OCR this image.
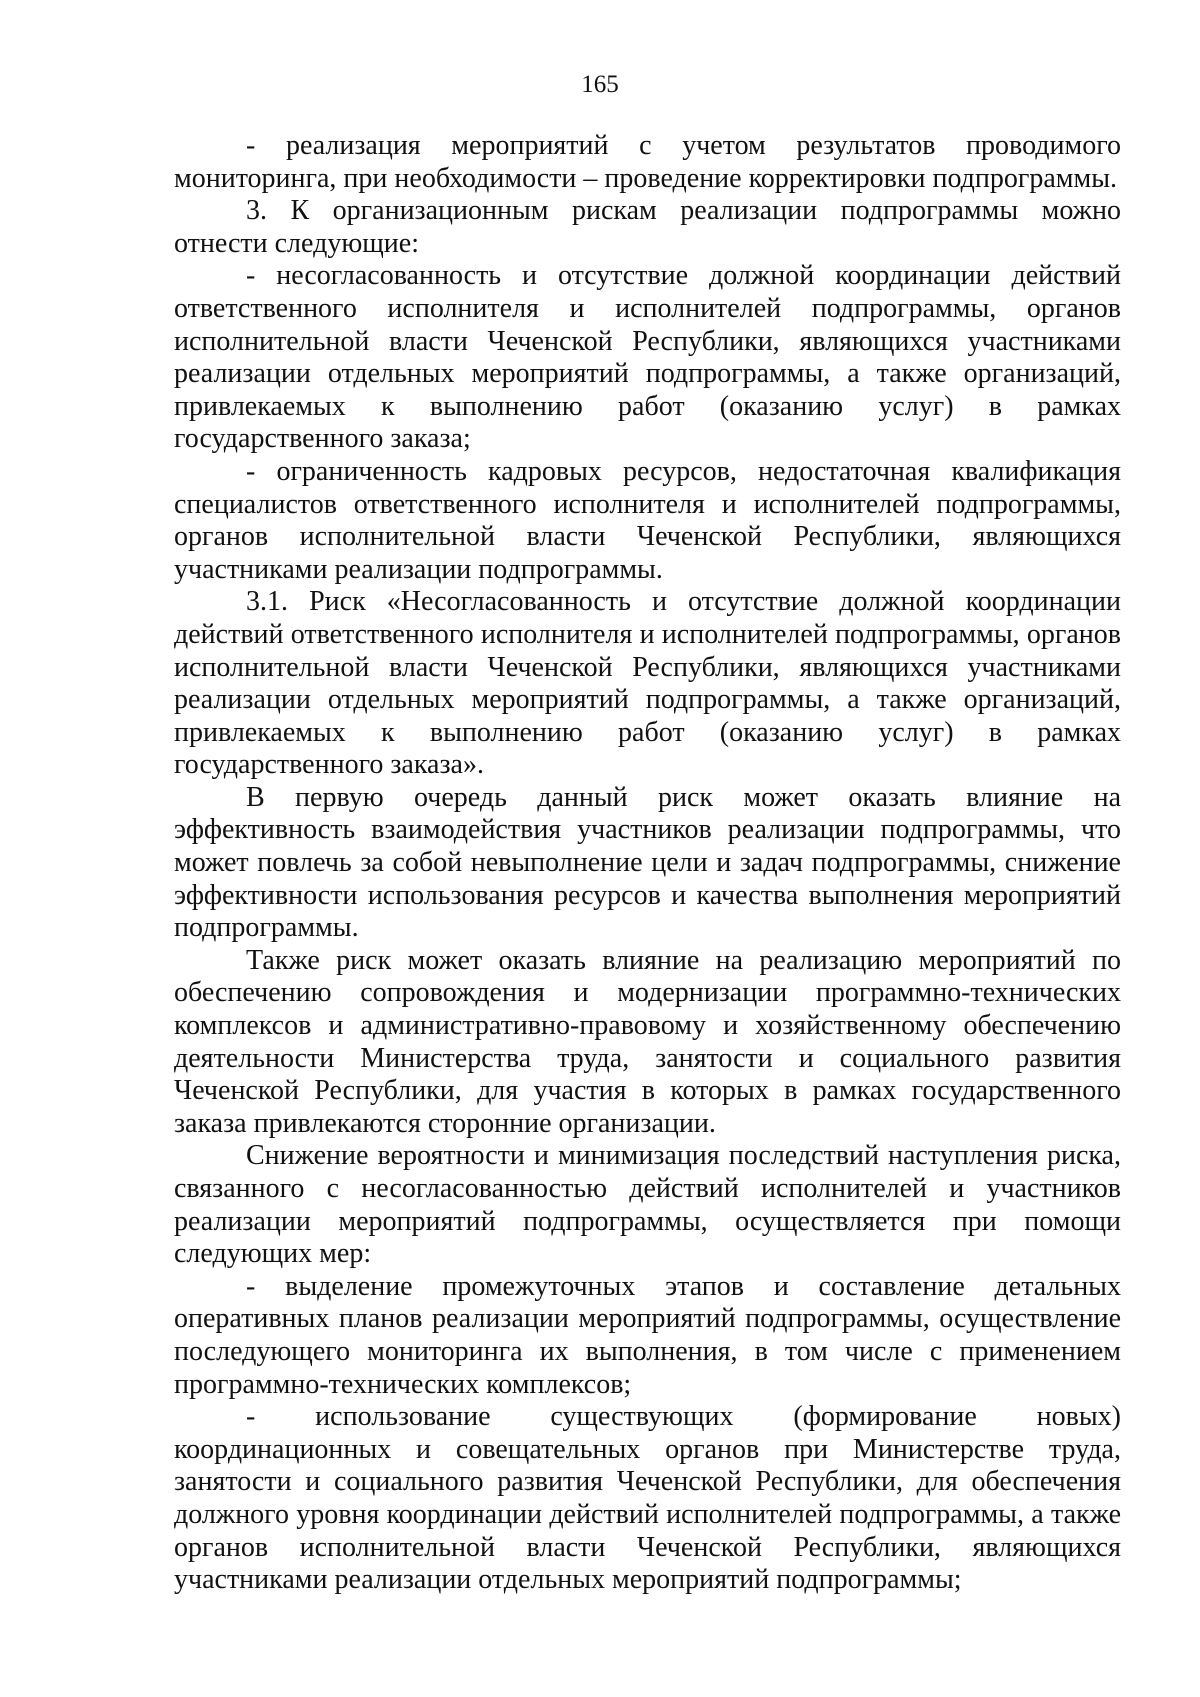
165

- реализация мероприятий с учетом результатов проводимого мониторинга, при необходимости – проведение корректировки подпрограммы.

3. К организационным рискам реализации подпрограммы можно отнести следующие:

- несогласованность и отсутствие должной координации действий ответственного исполнителя и исполнителей подпрограммы, органов исполнительной власти Чеченской Республики, являющихся участниками реализации отдельных мероприятий подпрограммы, а также организаций, привлекаемых к выполнению работ (оказанию услуг) в рамках государственного заказа;

- ограниченность кадровых ресурсов, недостаточная квалификация специалистов ответственного исполнителя и исполнителей подпрограммы, органов исполнительной власти Чеченской Республики, являющихся участниками реализации подпрограммы.

3.1. Риск «Несогласованность и отсутствие должной координации действий ответственного исполнителя и исполнителей подпрограммы, органов исполнительной власти Чеченской Республики, являющихся участниками реализации отдельных мероприятий подпрограммы, а также организаций, привлекаемых к выполнению работ (оказанию услуг) в рамках государственного заказа».

В первую очередь данный риск может оказать влияние на эффективность взаимодействия участников реализации подпрограммы, что может повлечь за собой невыполнение цели и задач подпрограммы, снижение эффективности использования ресурсов и качества выполнения мероприятий подпрограммы.

Также риск может оказать влияние на реализацию мероприятий по обеспечению сопровождения и модернизации программно-технических комплексов и административно-правовому и хозяйственному обеспечению деятельности Министерства труда, занятости и социального развития Чеченской Республики, для участия в которых в рамках государственного заказа привлекаются сторонние организации.

Снижение вероятности и минимизация последствий наступления риска, связанного с несогласованностью действий исполнителей и участников реализации мероприятий подпрограммы, осуществляется при помощи следующих мер:

- выделение промежуточных этапов и составление детальных оперативных планов реализации мероприятий подпрограммы, осуществление последующего мониторинга их выполнения, в том числе с применением программно-технических комплексов;

- использование существующих (формирование новых) координационных и совещательных органов при Министерстве труда, занятости и социального развития Чеченской Республики, для обеспечения должного уровня координации действий исполнителей подпрограммы, а также органов исполнительной власти Чеченской Республики, являющихся участниками реализации отдельных мероприятий подпрограммы;
